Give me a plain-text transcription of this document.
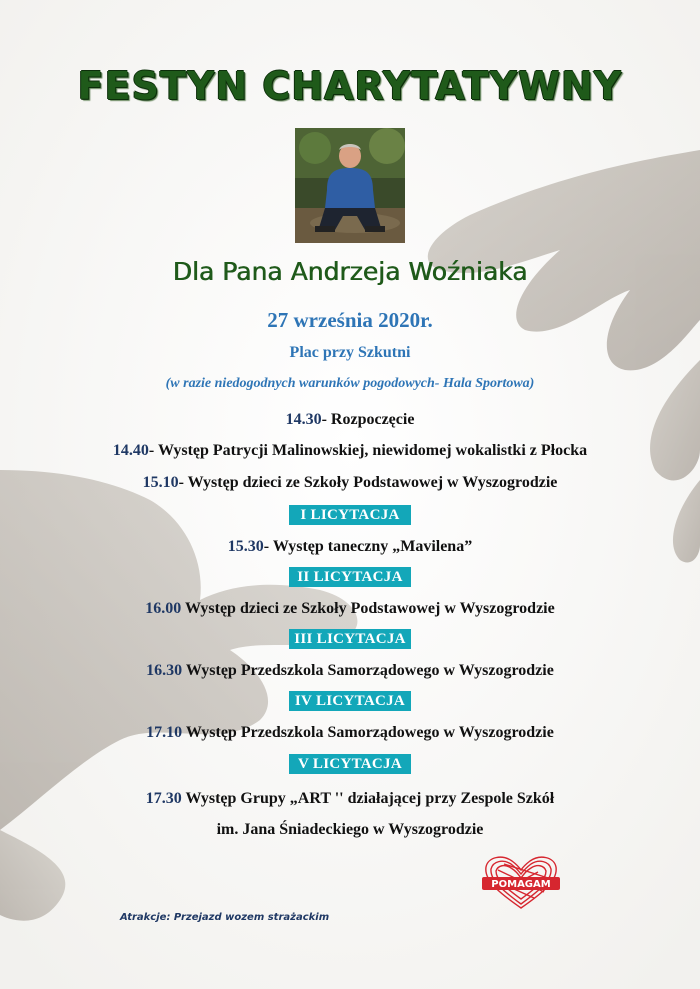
FESTYN CHARYTATYWNY
Dla Pana Andrzeja Woźniaka
27 września 2020r.
Plac przy Szkutni
(w razie niedogodnych warunków pogodowych- Hala Sportowa)
14.30- Rozpoczęcie
14.40- Występ Patrycji Malinowskiej, niewidomej wokalistki z Płocka
15.10- Występ dzieci ze Szkoły Podstawowej w Wyszogrodzie
I LICYTACJA
15.30- Występ taneczny „Mavilena”
II LICYTACJA
16.00 Występ dzieci ze Szkoły Podstawowej w Wyszogrodzie
III LICYTACJA
16.30 Występ Przedszkola Samorządowego w Wyszogrodzie
IV LICYTACJA
17.10 Występ Przedszkola Samorządowego w Wyszogrodzie
V LICYTACJA
17.30 Występ Grupy „ART '' działającej przy Zespole Szkół
im. Jana Śniadeckiego w Wyszogrodzie
POMAGAM
Atrakcje: Przejazd wozem strażackim
